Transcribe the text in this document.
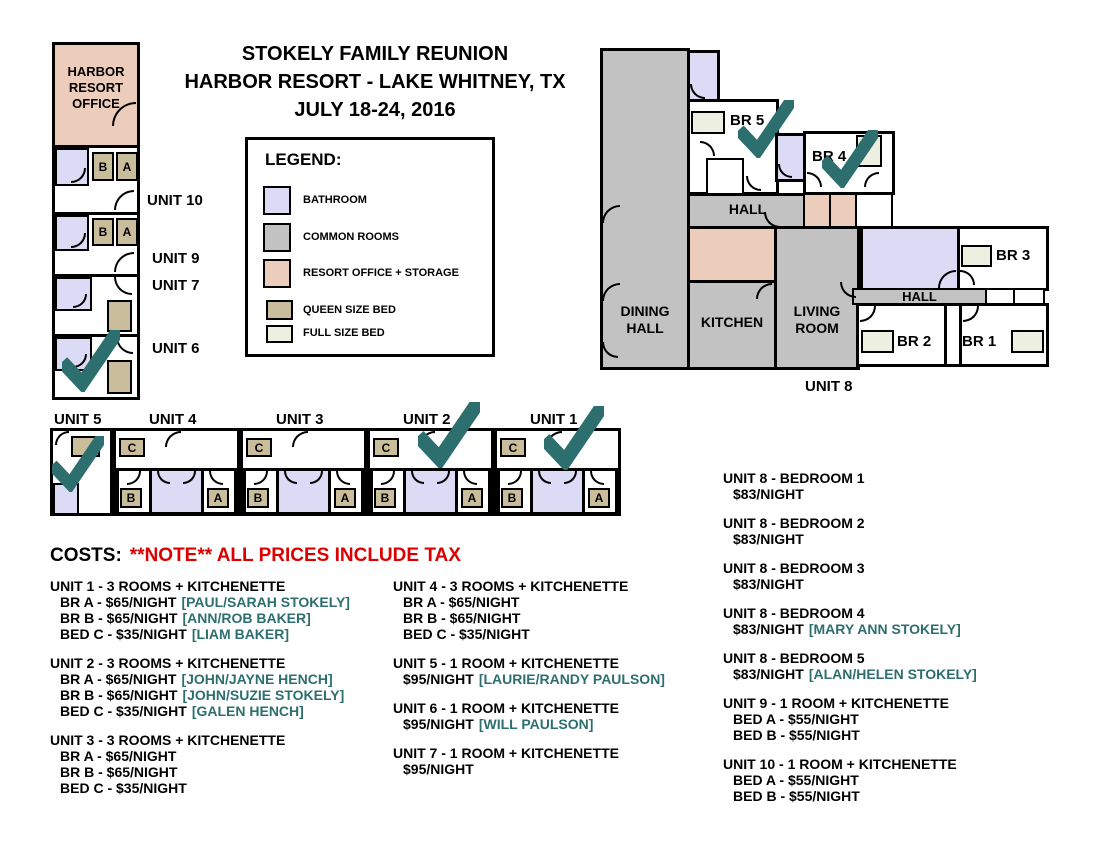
STOKELY FAMILY REUNION
HARBOR RESORT - LAKE WHITNEY, TX
JULY 18-24, 2016
LEGEND:
BATHROOM
COMMON ROOMS
RESORT OFFICE + STORAGE
QUEEN SIZE BED
FULL SIZE BED
HARBOR RESORT OFFICE
B	A
B	A
UNIT 10
UNIT 9
UNIT 7
UNIT 6
BR 5
BR 4
BR 3
BR 2 BR 1
HALL
HALL
DINING HALL	KITCHEN
LIVING ROOM
UNIT 8
UNIT 5	UNIT 4	UNIT 3	UNIT 2	UNIT 1
C
B	A
C
B	A
C
B	A
C
B	A
COSTS: **NOTE** ALL PRICES INCLUDE TAX
UNIT 1 - 3 ROOMS + KITCHENETTE
BR A - $65/NIGHT [PAUL/SARAH STOKELY]
BR B - $65/NIGHT [ANN/ROB BAKER]
BED C - $35/NIGHT [LIAM BAKER]
UNIT 2 - 3 ROOMS + KITCHENETTE
BR A - $65/NIGHT [JOHN/JAYNE HENCH]
BR B - $65/NIGHT [JOHN/SUZIE STOKELY]
BED C - $35/NIGHT [GALEN HENCH]
UNIT 3 - 3 ROOMS + KITCHENETTE
BR A - $65/NIGHT
BR B - $65/NIGHT
BED C - $35/NIGHT
UNIT 4 - 3 ROOMS + KITCHENETTE
BR A - $65/NIGHT
BR B - $65/NIGHT
BED C - $35/NIGHT
UNIT 5 - 1 ROOM + KITCHENETTE
$95/NIGHT [LAURIE/RANDY PAULSON]
UNIT 6 - 1 ROOM + KITCHENETTE
$95/NIGHT [WILL PAULSON]
UNIT 7 - 1 ROOM + KITCHENETTE
$95/NIGHT
UNIT 8 - BEDROOM 1
$83/NIGHT
UNIT 8 - BEDROOM 2
$83/NIGHT
UNIT 8 - BEDROOM 3
$83/NIGHT
UNIT 8 - BEDROOM 4
$83/NIGHT [MARY ANN STOKELY]
UNIT 8 - BEDROOM 5
$83/NIGHT [ALAN/HELEN STOKELY]
UNIT 9 - 1 ROOM + KITCHENETTE
BED A - $55/NIGHT
BED B - $55/NIGHT
UNIT 10 - 1 ROOM + KITCHENETTE
BED A - $55/NIGHT
BED B - $55/NIGHT
